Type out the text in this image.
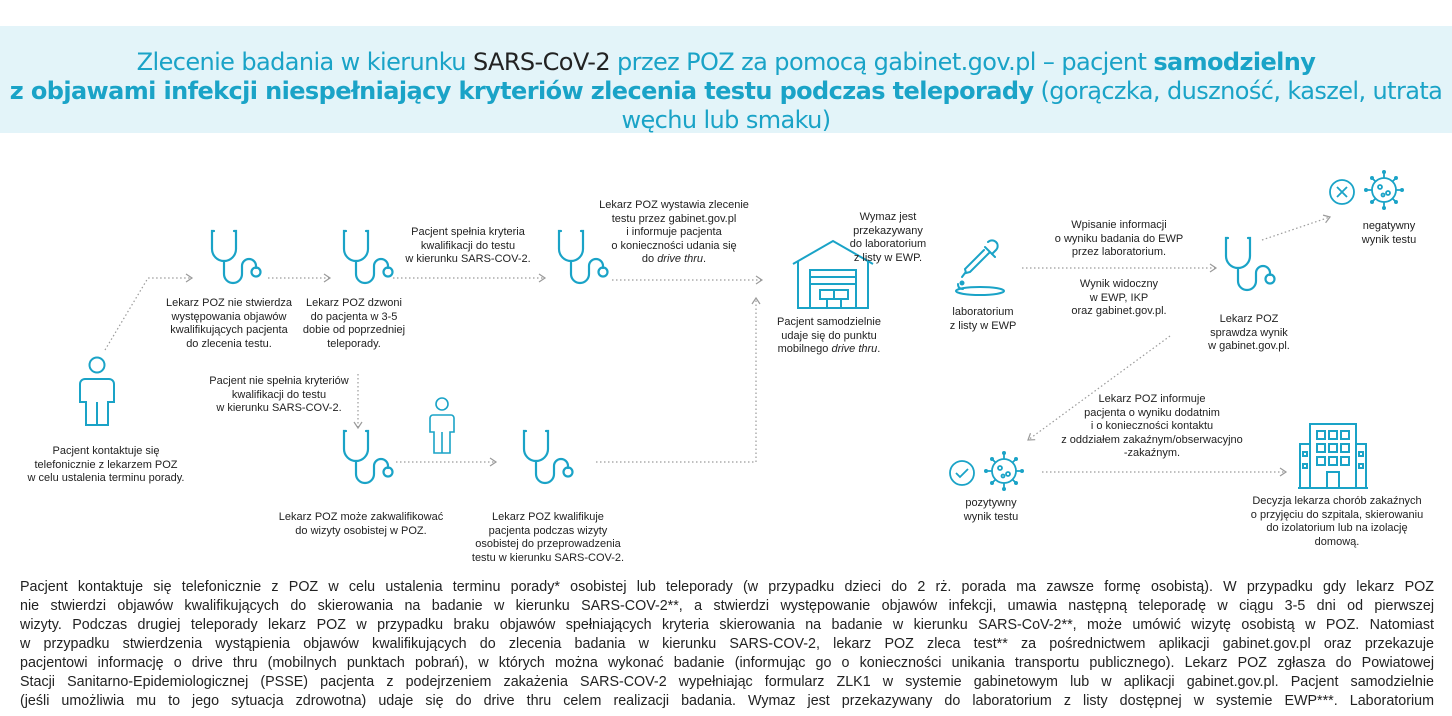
Zlecenie badania w kierunku SARS-CoV-2 przez POZ za pomocą gabinet.gov.pl – pacjent samodzielny
z objawami infekcji niespełniający kryteriów zlecenia testu podczas teleporady (gorączka, duszność, kaszel, utrata węchu lub smaku)
Pacjent kontaktuje się
telefonicznie z lekarzem POZ
w celu ustalenia terminu porady.
Lekarz POZ nie stwierdza
występowania objawów
kwalifikujących pacjenta
do zlecenia testu.
Lekarz POZ dzwoni
do pacjenta w 3-5
dobie od poprzedniej
teleporady.
Pacjent spełnia kryteria
kwalifikacji do testu
w kierunku SARS-COV-2.
Lekarz POZ wystawia zlecenie
testu przez gabinet.gov.pl
i informuje pacjenta
o konieczności udania się
do drive thru.
Wymaz jest
przekazywany
do laboratorium
z listy w EWP.
Pacjent samodzielnie
udaje się do punktu
mobilnego drive thru.
laboratorium
z listy w EWP
Wpisanie informacji
o wyniku badania do EWP
przez laboratorium.
Wynik widoczny
w EWP, IKP
oraz gabinet.gov.pl.
Lekarz POZ
sprawdza wynik
w gabinet.gov.pl.
negatywny
wynik testu
Pacjent nie spełnia kryteriów
kwalifikacji do testu
w kierunku SARS-COV-2.
Lekarz POZ może zakwalifikować
do wizyty osobistej w POZ.
Lekarz POZ kwalifikuje
pacjenta podczas wizyty
osobistej do przeprowadzenia
testu w kierunku SARS-COV-2.
Lekarz POZ informuje
pacjenta o wyniku dodatnim
i o konieczności kontaktu
z oddziałem zakaźnym/obserwacyjno
-zakaźnym.
pozytywny
wynik testu
Decyzja lekarza chorób zakaźnych
o przyjęciu do szpitala, skierowaniu
do izolatorium lub na izolację
domową.
Pacjent kontaktuje się telefonicznie z POZ w celu ustalenia terminu porady* osobistej lub teleporady (w przypadku dzieci do 2 rż. porada ma zawsze formę osobistą). W przypadku gdy lekarz POZ
nie stwierdzi objawów kwalifikujących do skierowania na badanie w kierunku SARS-COV-2**, a stwierdzi występowanie objawów infekcji, umawia następną teleporadę w ciągu 3-5 dni od pierwszej
wizyty. Podczas drugiej teleporady lekarz POZ w przypadku braku objawów spełniających kryteria skierowania na badanie w kierunku SARS-CoV-2**, może umówić wizytę osobistą w POZ. Natomiast
w przypadku stwierdzenia wystąpienia objawów kwalifikujących do zlecenia badania w kierunku SARS-COV-2, lekarz POZ zleca test** za pośrednictwem aplikacji gabinet.gov.pl oraz przekazuje
pacjentowi informację o drive thru (mobilnych punktach pobrań), w których można wykonać badanie (informując go o konieczności unikania transportu publicznego). Lekarz POZ zgłasza do Powiatowej
Stacji Sanitarno-Epidemiologicznej (PSSE) pacjenta z podejrzeniem zakażenia SARS-COV-2 wypełniając formularz ZLK1 w systemie gabinetowym lub w aplikacji gabinet.gov.pl. Pacjent samodzielnie
(jeśli umożliwia mu to jego sytuacja zdrowotna) udaje się do drive thru celem realizacji badania. Wymaz jest przekazywany do laboratorium z listy dostępnej w systemie EWP***. Laboratorium
